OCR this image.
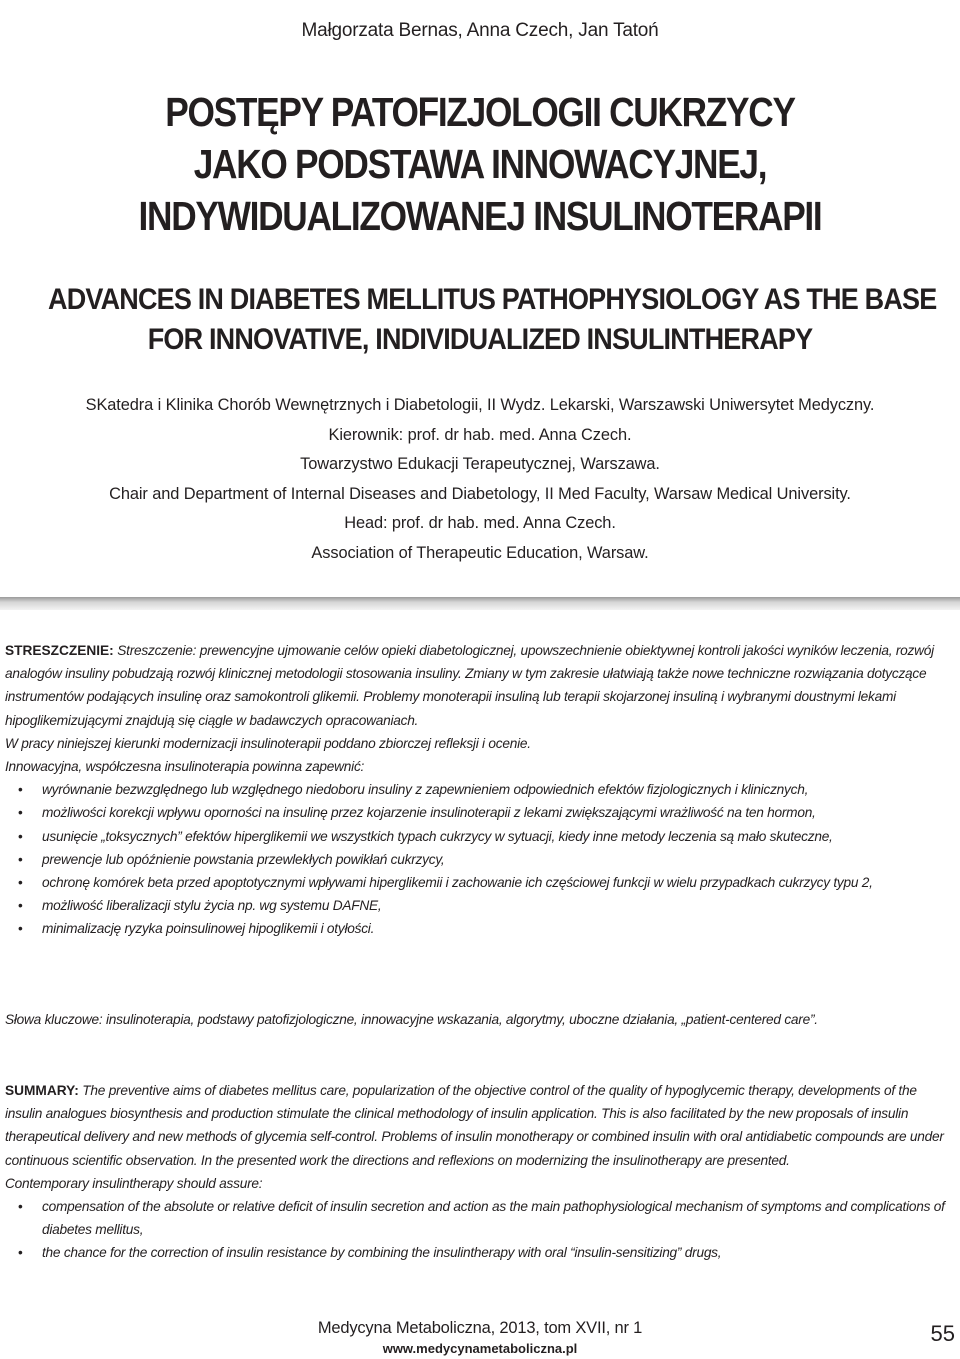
Małgorzata Bernas, Anna Czech, Jan Tatoń
POSTĘPY PATOFIZJOLOGII CUKRZYCY
JAKO PODSTAWA INNOWACYJNEJ,
INDYWIDUALIZOWANEJ INSULINOTERAPII
ADVANCES IN DIABETES MELLITUS PATHOPHYSIOLOGY AS THE BASE
FOR INNOVATIVE, INDIVIDUALIZED INSULINTHERAPY
SKatedra i Klinika Chorób Wewnętrznych i Diabetologii, II Wydz. Lekarski, Warszawski Uniwersytet Medyczny.
Kierownik: prof. dr hab. med. Anna Czech.
Towarzystwo Edukacji Terapeutycznej, Warszawa.
Chair and Department of Internal Diseases and Diabetology, II Med Faculty, Warsaw Medical University.
Head: prof. dr hab. med. Anna Czech.
Association of Therapeutic Education, Warsaw.

STRESZCZENIE: Streszczenie: prewencyjne ujmowanie celów opieki diabetologicznej, upowszechnienie obiektywnej kontroli jakości wyników leczenia, rozwój analogów insuliny pobudzają rozwój klinicznej metodologii stosowania insuliny. Zmiany w tym zakresie ułatwiają także nowe techniczne rozwiązania dotyczące instrumentów podających insulinę oraz samokontroli glikemii. Problemy monoterapii insuliną lub terapii skojarzonej insuliną i wybranymi doustnymi lekami hipoglikemizującymi znajdują się ciągle w badawczych opracowaniach.

W pracy niniejszej kierunki modernizacji insulinoterapii poddano zbiorczej refleksji i ocenie.

Innowacyjna, współczesna insulinoterapia powinna zapewnić:

• wyrównanie bezwzględnego lub względnego niedoboru insuliny z zapewnieniem odpowiednich efektów fizjologicznych i klinicznych,
• możliwości korekcji wpływu oporności na insulinę przez kojarzenie insulinoterapii z lekami zwiększającymi wrażliwość na ten hormon,
• usunięcie „toksycznych” efektów hiperglikemii we wszystkich typach cukrzycy w sytuacji, kiedy inne metody leczenia są mało skuteczne,
• prewencje lub opóźnienie powstania przewlekłych powikłań cukrzycy,
• ochronę komórek beta przed apoptotycznymi wpływami hiperglikemii i zachowanie ich częściowej funkcji w wielu przypadkach cukrzycy typu 2,
• możliwość liberalizacji stylu życia np. wg systemu DAFNE,
• minimalizację ryzyka poinsulinowej hipoglikemii i otyłości.
Słowa kluczowe: insulinoterapia, podstawy patofizjologiczne, innowacyjne wskazania, algorytmy, uboczne działania, „patient-centered care”.

SUMMARY: The preventive aims of diabetes mellitus care, popularization of the objective control of the quality of hypoglycemic therapy, developments of the insulin analogues biosynthesis and production stimulate the clinical methodology of insulin application. This is also facilitated by the new proposals of insulin therapeutical delivery and new methods of glycemia self-control. Problems of insulin monotherapy or combined insulin with oral antidiabetic compounds are under continuous scientific observation. In the presented work the directions and reflexions on modernizing the insulinotherapy are presented.

Contemporary insulintherapy should assure:

• compensation of the absolute or relative deficit of insulin secretion and action as the main pathophysiological mechanism of symptoms and complications of diabetes mellitus,
• the chance for the correction of insulin resistance by combining the insulintherapy with oral “insulin-sensitizing” drugs,
Medycyna Metaboliczna, 2013, tom XVII, nr 1
www.medycynametaboliczna.pl
55
